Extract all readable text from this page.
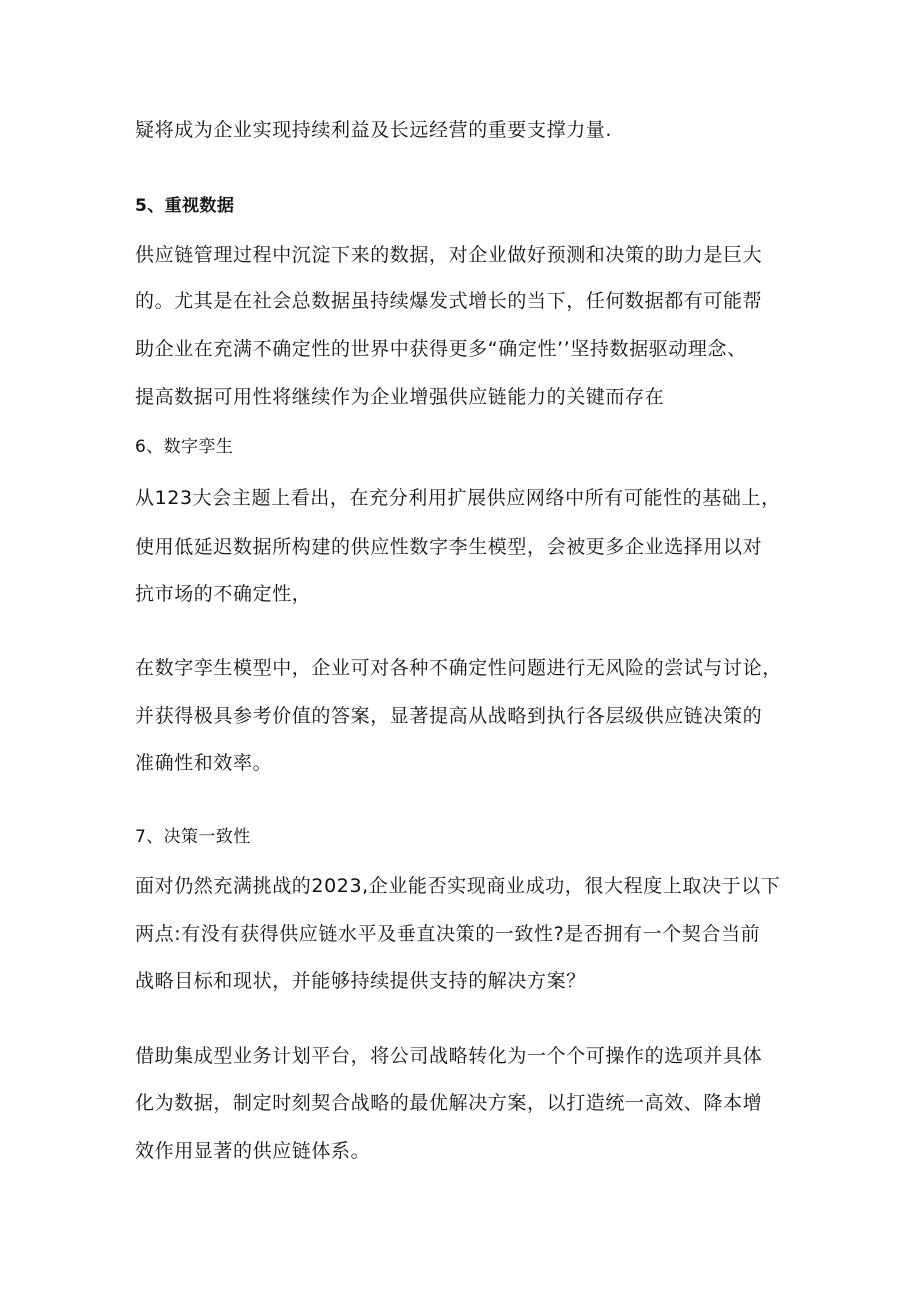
疑将成为企业实现持续利益及长远经营的重要支撑力量.
5、重视数据
供应链管理过程中沉淀下来的数据，对企业做好预测和决策的助力是巨大
的。尤其是在社会总数据虽持续爆发式增长的当下，任何数据都有可能帮
助企业在充满不确定性的世界中获得更多“确定性’’坚持数据驱动理念、
提高数据可用性将继续作为企业增强供应链能力的关键而存在
6、数字孪生
从123大会主题上看出，在充分利用扩展供应网络中所有可能性的基础上，
使用低延迟数据所构建的供应性数字李生模型，会被更多企业选择用以对
抗市场的不确定性，
在数字孪生模型中，企业可对各种不确定性问题进行无风险的尝试与讨论，
并获得极具参考价值的答案，显著提高从战略到执行各层级供应链决策的
准确性和效率。
7、决策一致性
面对仍然充满挑战的2023,企业能否实现商业成功，很大程度上取决于以下
两点:有没有获得供应链水平及垂直决策的一致性?是否拥有一个契合当前
战略目标和现状，并能够持续提供支持的解决方案？
借助集成型业务计划平台，将公司战略转化为一个个可操作的选项并具体
化为数据，制定时刻契合战略的最优解决方案，以打造统一高效、降本增
效作用显著的供应链体系。
